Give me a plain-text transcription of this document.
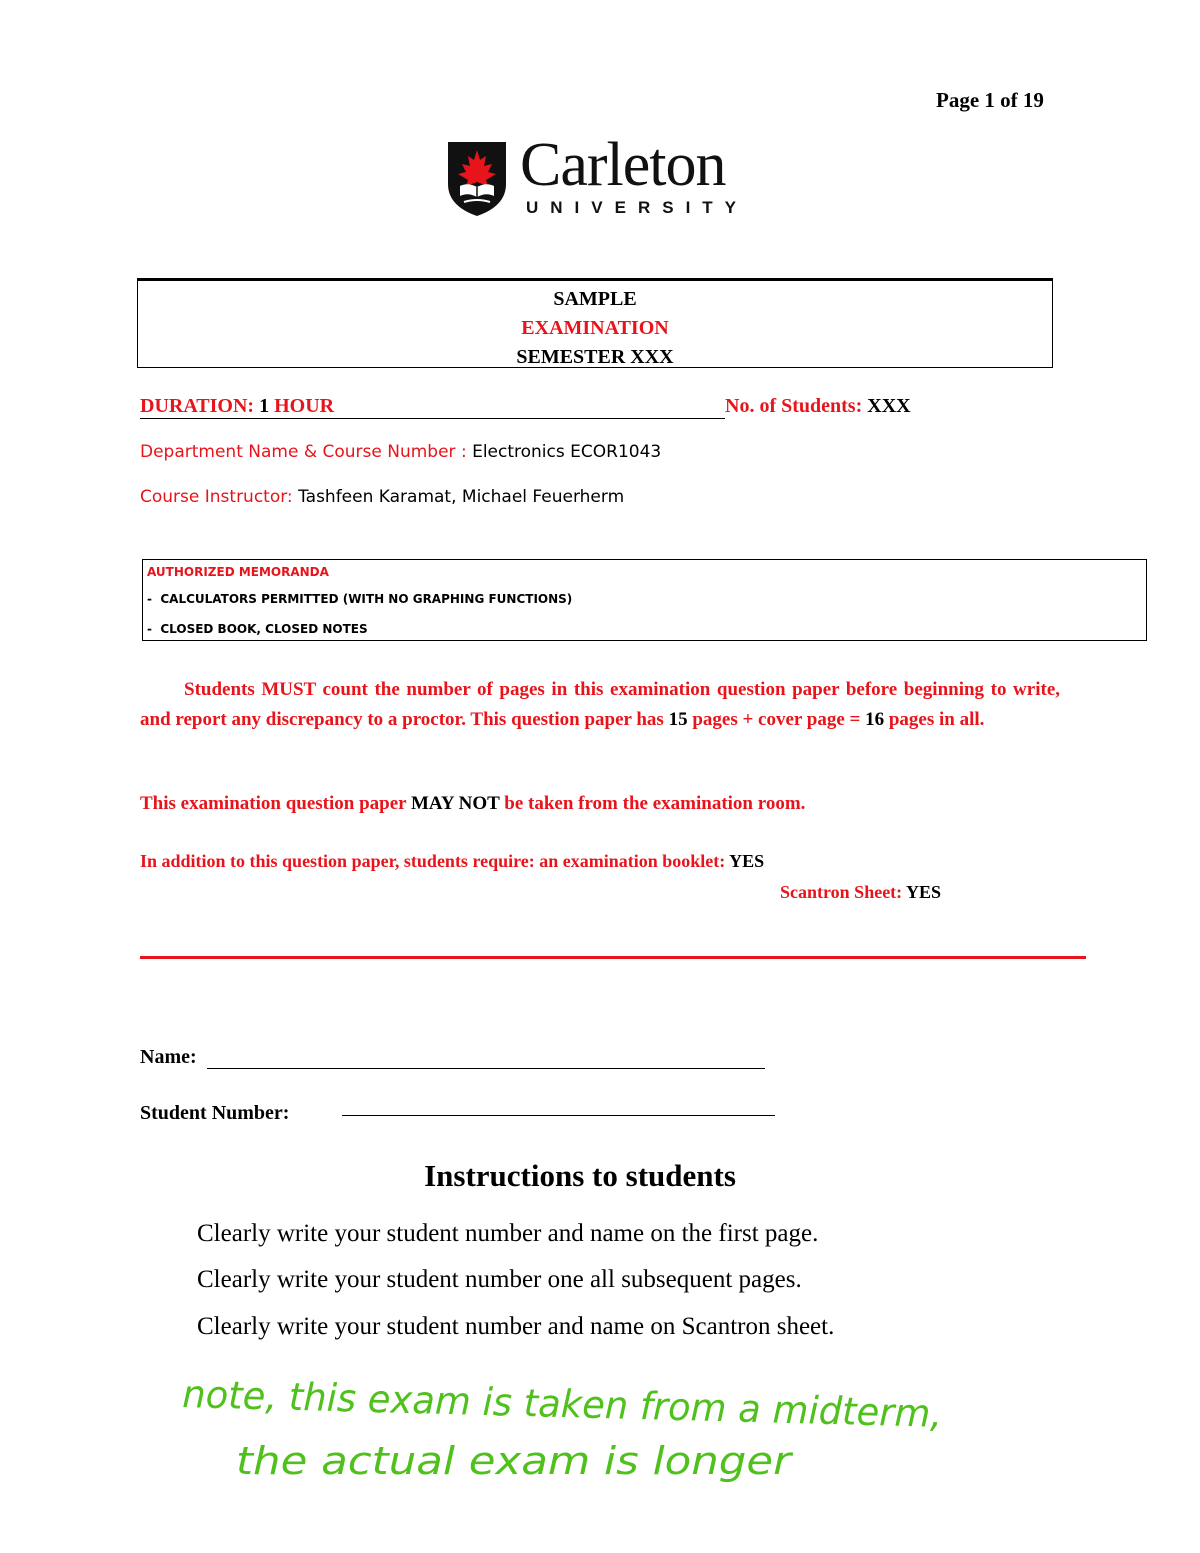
Page 1 of 19
Carleton
UNIVERSITY
SAMPLE
EXAMINATION
SEMESTER XXX
DURATION: 1 HOUR	No. of Students: XXX
Department Name & Course Number : Electronics ECOR1043
Course Instructor: Tashfeen Karamat, Michael Feuerherm
AUTHORIZED MEMORANDA
-  CALCULATORS PERMITTED (WITH NO GRAPHING FUNCTIONS)
-  CLOSED BOOK, CLOSED NOTES
Students MUST count the number of pages in this examination question paper before beginning to write, and report any discrepancy to a proctor. This question paper has 15 pages + cover page = 16 pages in all.
This examination question paper MAY NOT be taken from the examination room.
In addition to this question paper, students require: an examination booklet: YES
Scantron Sheet: YES
Name:
Student Number:
Instructions to students
Clearly write your student number and name on the first page.
Clearly write your student number one all subsequent pages.
Clearly write your student number and name on Scantron sheet.
note, this exam is taken from a midterm,
the actual exam is longer
